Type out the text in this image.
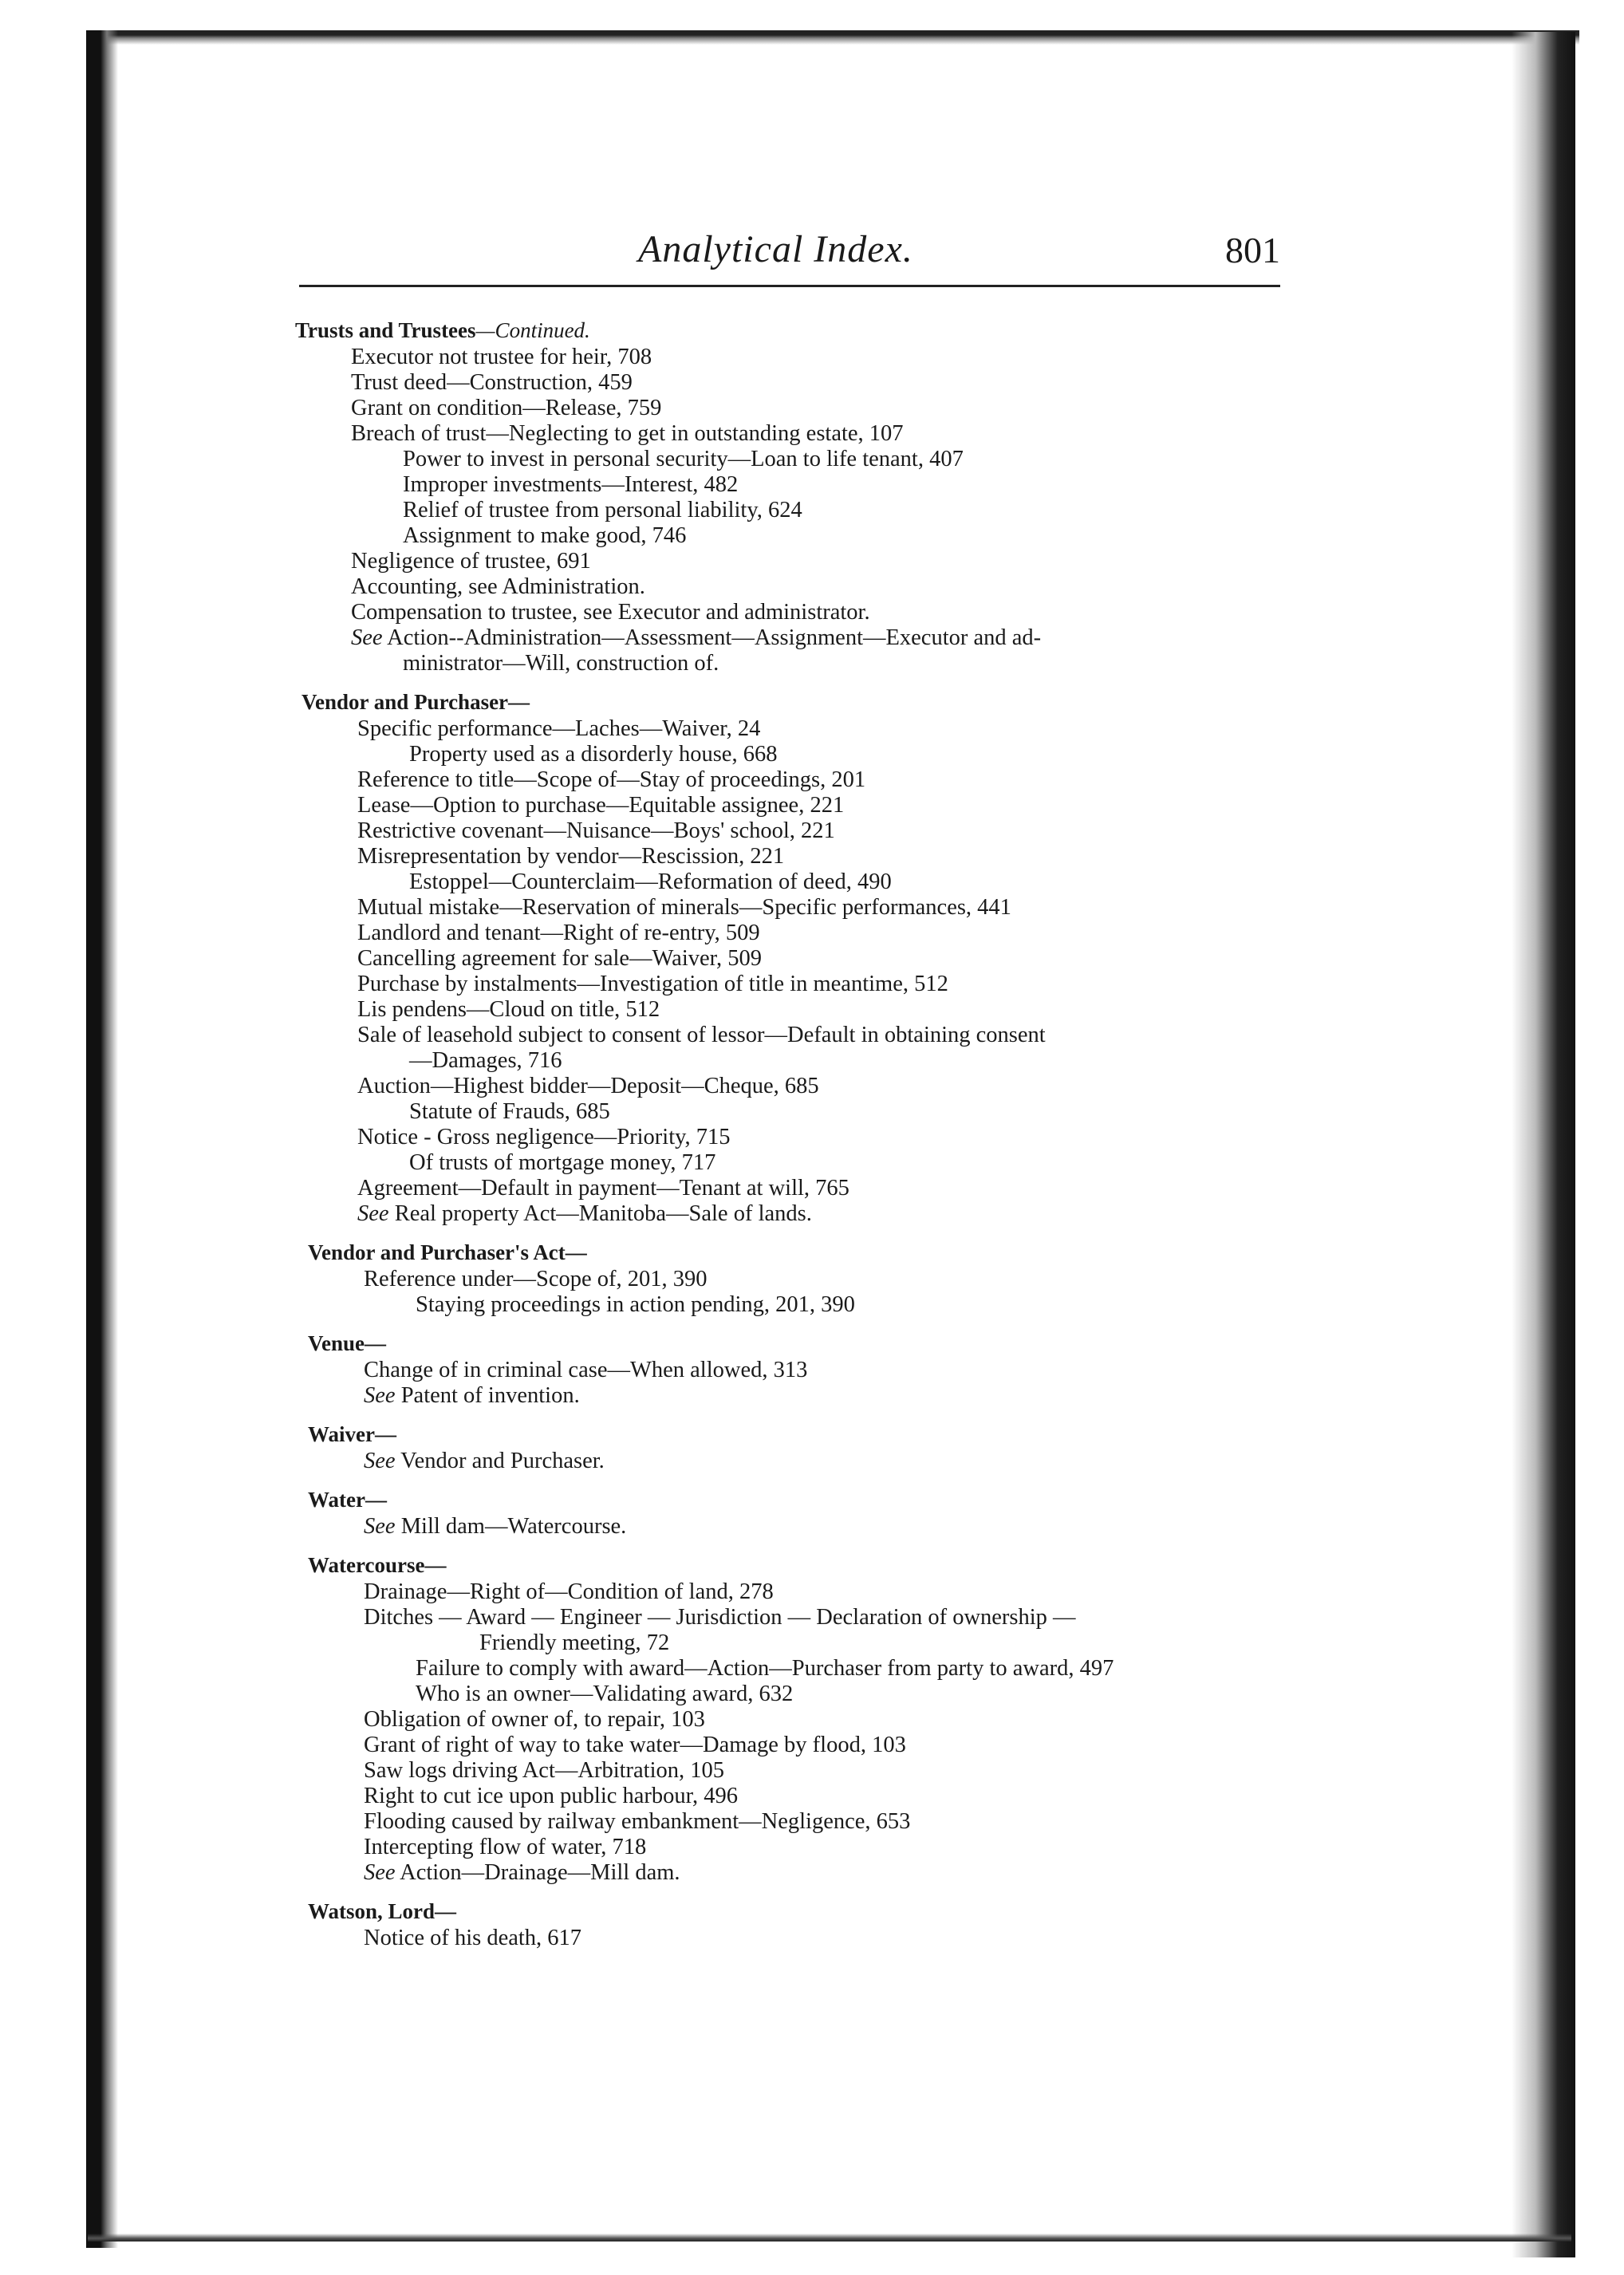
Analytical Index.	801
Trusts and Trustees—Continued.
Executor not trustee for heir, 708
Trust deed—Construction, 459
Grant on condition—Release, 759
Breach of trust—Neglecting to get in outstanding estate, 107
Power to invest in personal security—Loan to life tenant, 407
Improper investments—Interest, 482
Relief of trustee from personal liability, 624
Assignment to make good, 746
Negligence of trustee, 691
Accounting, see Administration.
Compensation to trustee, see Executor and administrator.
See Action--Administration—Assessment—Assignment—Executor and ad-
ministrator—Will, construction of.
Vendor and Purchaser—
Specific performance—Laches—Waiver, 24
Property used as a disorderly house, 668
Reference to title—Scope of—Stay of proceedings, 201
Lease—Option to purchase—Equitable assignee, 221
Restrictive covenant—Nuisance—Boys' school, 221
Misrepresentation by vendor—Rescission, 221
Estoppel—Counterclaim—Reformation of deed, 490
Mutual mistake—Reservation of minerals—Specific performances, 441
Landlord and tenant—Right of re-entry, 509
Cancelling agreement for sale—Waiver, 509
Purchase by instalments—Investigation of title in meantime, 512
Lis pendens—Cloud on title, 512
Sale of leasehold subject to consent of lessor—Default in obtaining consent
—Damages, 716
Auction—Highest bidder—Deposit—Cheque, 685
Statute of Frauds, 685
Notice - Gross negligence—Priority, 715
Of trusts of mortgage money, 717
Agreement—Default in payment—Tenant at will, 765
See Real property Act—Manitoba—Sale of lands.
Vendor and Purchaser's Act—
Reference under—Scope of, 201, 390
Staying proceedings in action pending, 201, 390
Venue—
Change of in criminal case—When allowed, 313
See Patent of invention.
Waiver—
See Vendor and Purchaser.
Water—
See Mill dam—Watercourse.
Watercourse—
Drainage—Right of—Condition of land, 278
Ditches — Award — Engineer — Jurisdiction — Declaration of ownership —
Friendly meeting, 72
Failure to comply with award—Action—Purchaser from party to award, 497
Who is an owner—Validating award, 632
Obligation of owner of, to repair, 103
Grant of right of way to take water—Damage by flood, 103
Saw logs driving Act—Arbitration, 105
Right to cut ice upon public harbour, 496
Flooding caused by railway embankment—Negligence, 653
Intercepting flow of water, 718
See Action—Drainage—Mill dam.
Watson, Lord—
Notice of his death, 617
